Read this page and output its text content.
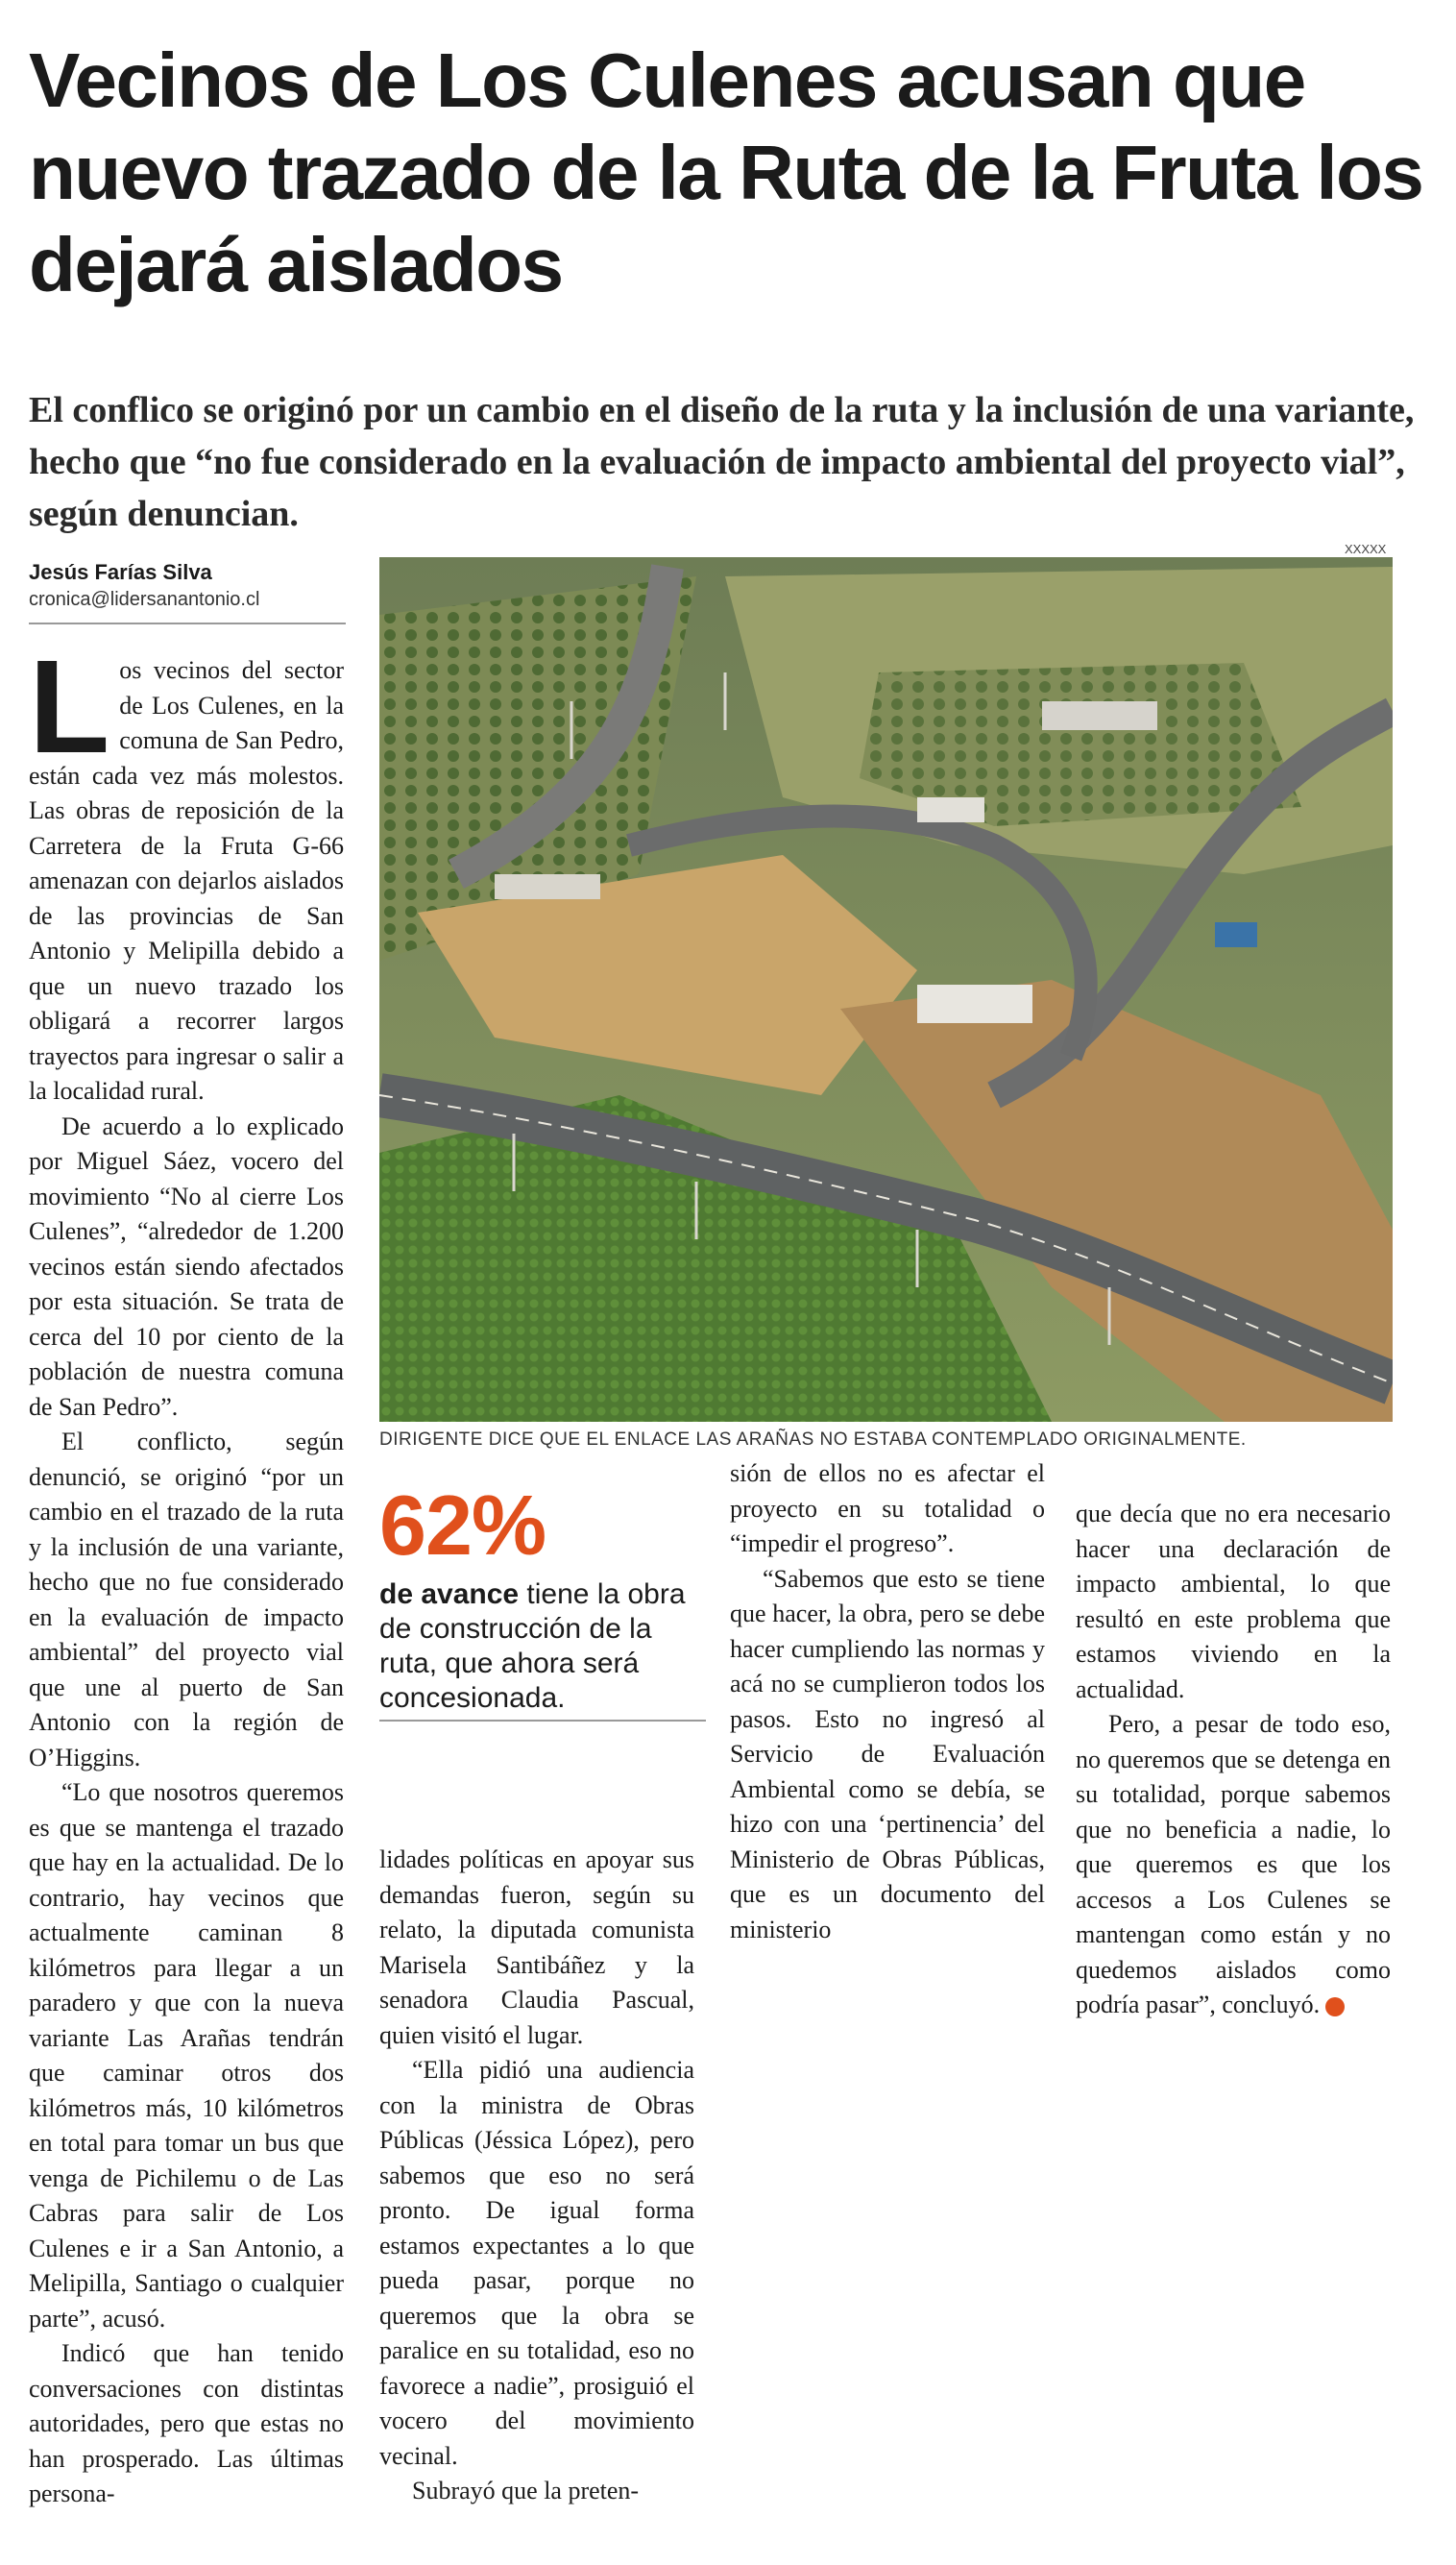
Vecinos de Los Culenes acusan que nuevo trazado de la Ruta de la Fruta los dejará aislados
El conflico se originó por un cambio en el diseño de la ruta y la inclusión de una variante, hecho que “no fue considerado en la evaluación de impacto ambiental del proyecto vial”, según denuncian.
Jesús Farías Silva
cronica@lidersanantonio.cl
XXXXX
DIRIGENTE DICE QUE EL ENLACE LAS ARAÑAS NO ESTABA CONTEMPLADO ORIGINALMENTE.

Los vecinos del sector de Los Culenes, en la comuna de San Pedro, están cada vez más molestos. Las obras de reposición de la Carretera de la Fruta G-66 amenazan con dejarlos aislados de las provincias de San Antonio y Melipilla debido a que un nuevo trazado los obligará a recorrer largos trayectos para ingresar o salir a la localidad rural.

De acuerdo a lo explicado por Miguel Sáez, vocero del movimiento “No al cierre Los Culenes”, “alrededor de 1.200 vecinos están siendo afectados por esta situación. Se trata de cerca del 10 por ciento de la población de nuestra comuna de San Pedro”.

El conflicto, según denunció, se originó “por un cambio en el trazado de la ruta y la inclusión de una variante, hecho que no fue considerado en la evaluación de impacto ambiental” del proyecto vial que une al puerto de San Antonio con la región de O’Higgins.

“Lo que nosotros queremos es que se mantenga el trazado que hay en la actualidad. De lo contrario, hay vecinos que actualmente caminan 8 kilómetros para llegar a un paradero y que con la nueva variante Las Arañas tendrán que caminar otros dos kilómetros más, 10 kilómetros en total para tomar un bus que venga de Pichilemu o de Las Cabras para salir de Los Culenes e ir a San Antonio, a Melipilla, Santiago o cualquier parte”, acusó.

Indicó que han tenido conversaciones con distintas autoridades, pero que estas no han prosperado. Las últimas persona-

62%
de avance tiene la obra de construcción de la ruta, que ahora será concesionada.

lidades políticas en apoyar sus demandas fueron, según su relato, la diputada comunista Marisela Santibáñez y la senadora Claudia Pascual, quien visitó el lugar.

“Ella pidió una audiencia con la ministra de Obras Públicas (Jéssica López), pero sabemos que eso no será pronto. De igual forma estamos expectantes a lo que pueda pasar, porque no queremos que la obra se paralice en su totalidad, eso no favorece a nadie”, prosiguió el vocero del movimiento vecinal.

Subrayó que la preten-

sión de ellos no es afectar el proyecto en su totalidad o “impedir el progreso”.

“Sabemos que esto se tiene que hacer, la obra, pero se debe hacer cumpliendo las normas y acá no se cumplieron todos los pasos. Esto no ingresó al Servicio de Evaluación Ambiental como se debía, se hizo con una ‘pertinencia’ del Ministerio de Obras Públicas, que es un documento del ministerio

que decía que no era necesario hacer una declaración de impacto ambiental, lo que resultó en este problema que estamos viviendo en la actualidad.

Pero, a pesar de todo eso, no queremos que se detenga en su totalidad, porque sabemos que no beneficia a nadie, lo que queremos es que los accesos a Los Culenes se mantengan como están y no quedemos aislados como podría pasar”, concluyó.✦
